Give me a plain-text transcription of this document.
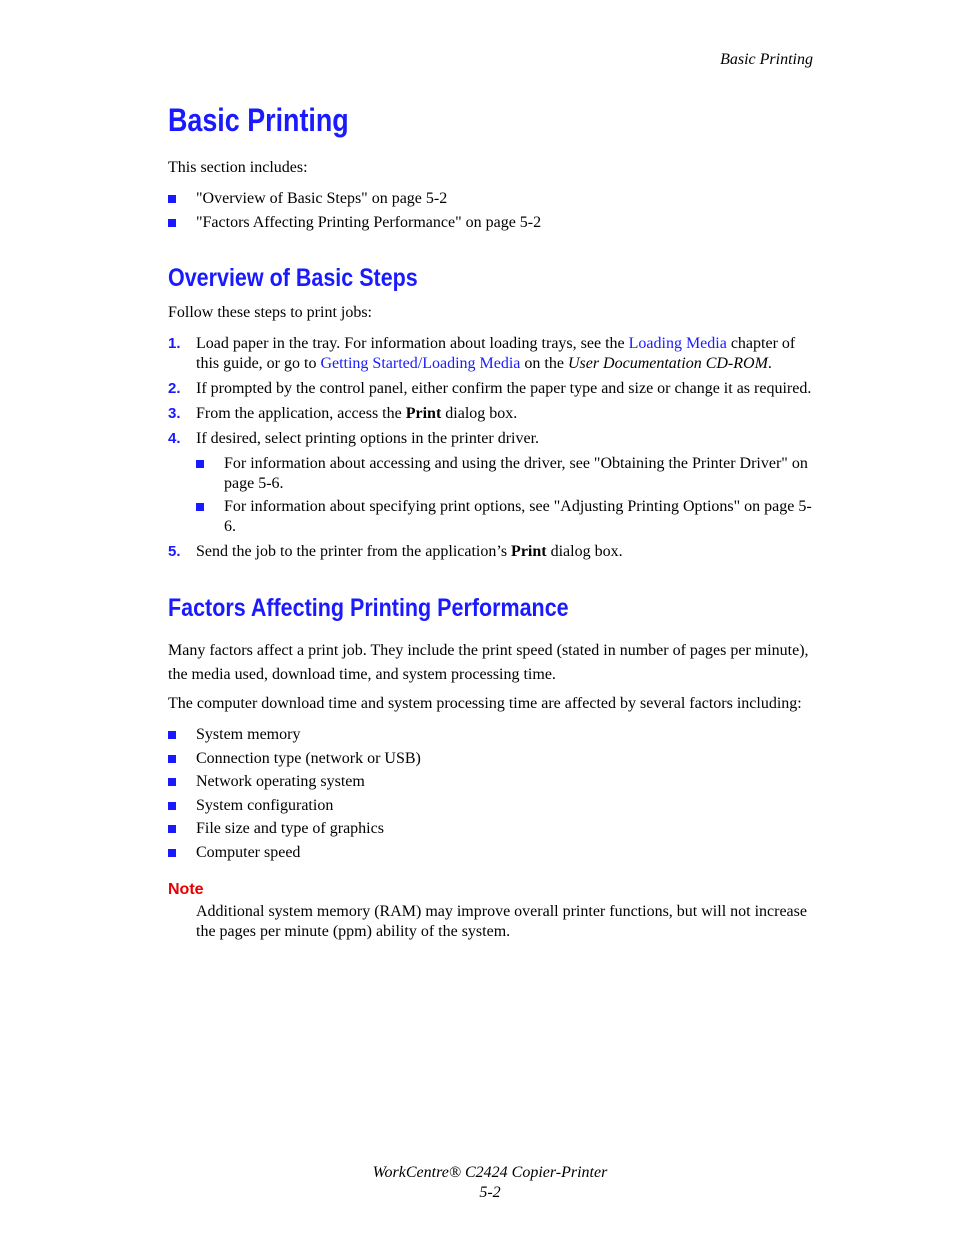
Basic Printing
Basic Printing

This section includes:

"Overview of Basic Steps" on page 5-2
"Factors Affecting Printing Performance" on page 5-2
Overview of Basic Steps

Follow these steps to print jobs:

1. Load paper in the tray. For information about loading trays, see the Loading Media chapter of this guide, or go to Getting Started/Loading Media on the User Documentation CD-ROM.
2. If prompted by the control panel, either confirm the paper type and size or change it as required.
3. From the application, access the Print dialog box.
4. If desired, select printing options in the printer driver.
For information about accessing and using the driver, see "Obtaining the Printer Driver" on page 5-6.
For information about specifying print options, see "Adjusting Printing Options" on page 5-6.
5. Send the job to the printer from the application’s Print dialog box.
Factors Affecting Printing Performance

Many factors affect a print job. They include the print speed (stated in number of pages per minute), the media used, download time, and system processing time.

The computer download time and system processing time are affected by several factors including:

System memory
Connection type (network or USB)
Network operating system
System configuration
File size and type of graphics
Computer speed
Note

Additional system memory (RAM) may improve overall printer functions, but will not increase the pages per minute (ppm) ability of the system.

WorkCentre® C2424 Copier-Printer
5-2
